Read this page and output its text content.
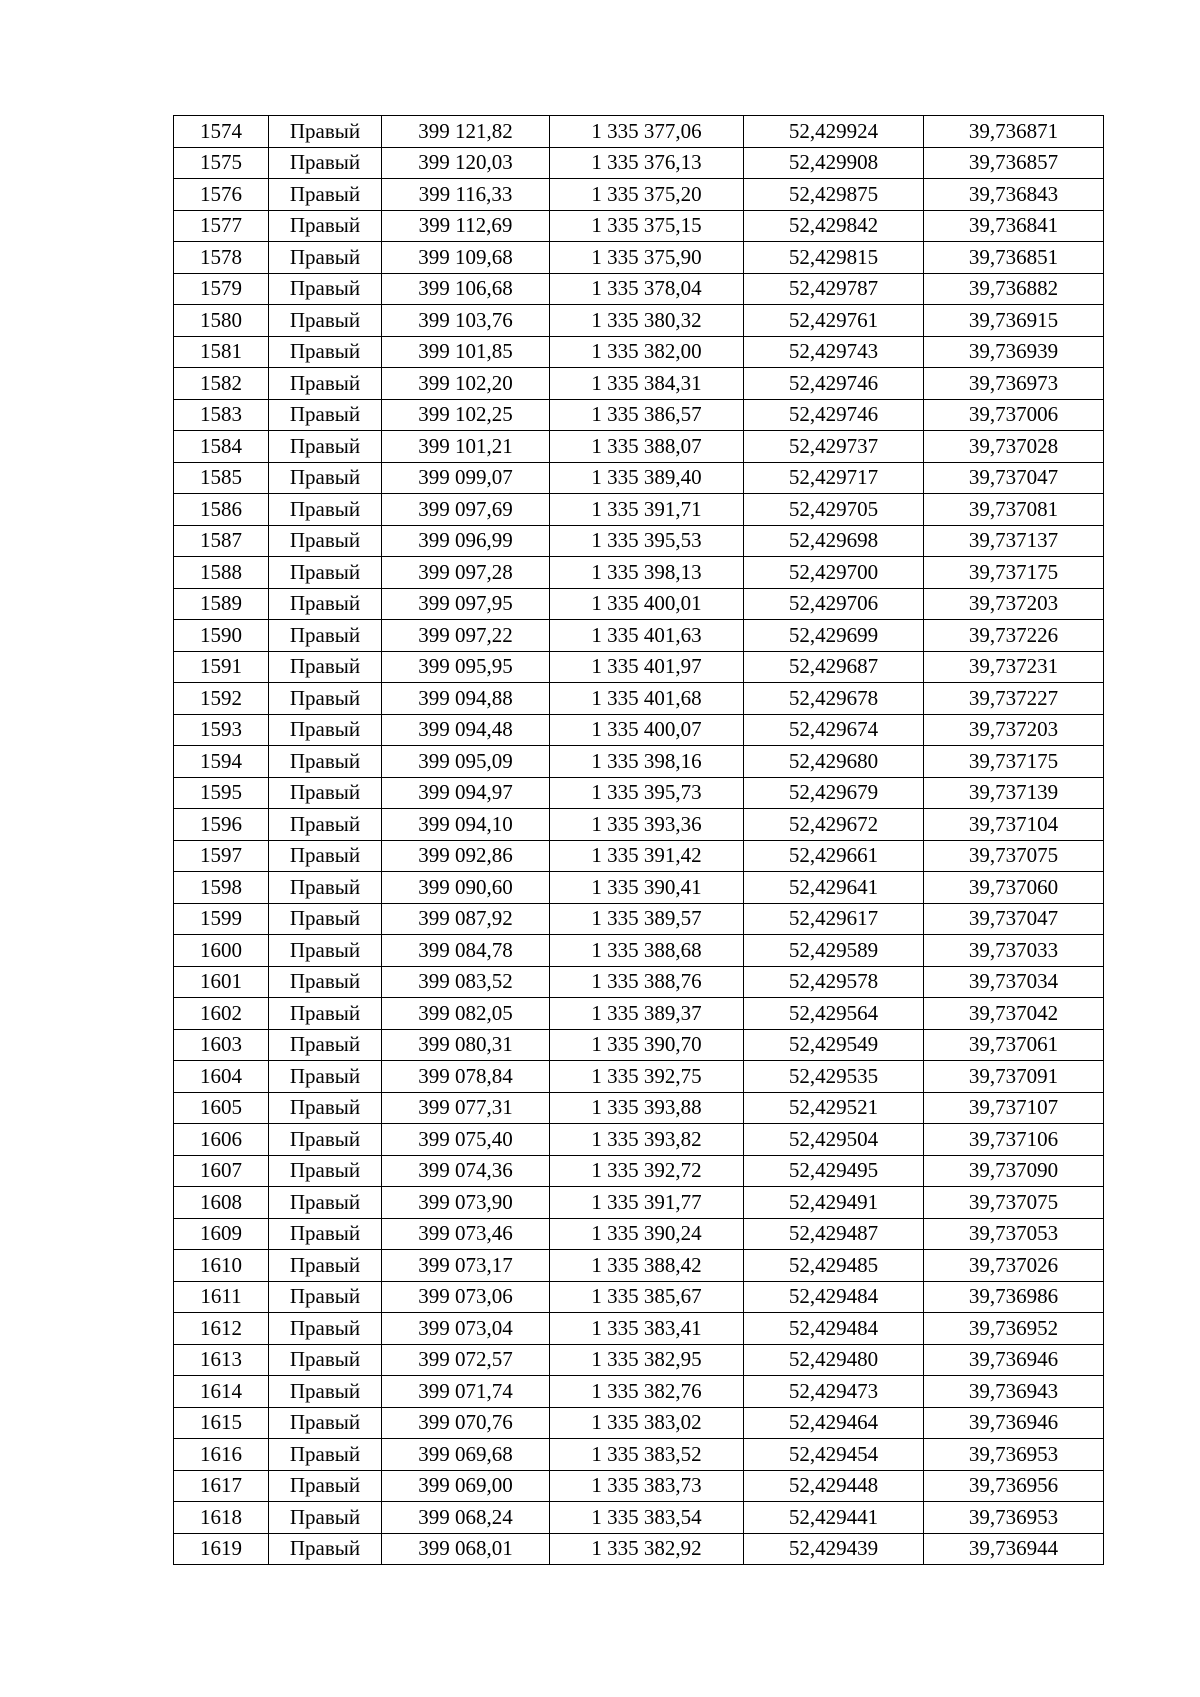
1574	Правый	399 121,82	1 335 377,06	52,429924	39,736871
1575	Правый	399 120,03	1 335 376,13	52,429908	39,736857
1576	Правый	399 116,33	1 335 375,20	52,429875	39,736843
1577	Правый	399 112,69	1 335 375,15	52,429842	39,736841
1578	Правый	399 109,68	1 335 375,90	52,429815	39,736851
1579	Правый	399 106,68	1 335 378,04	52,429787	39,736882
1580	Правый	399 103,76	1 335 380,32	52,429761	39,736915
1581	Правый	399 101,85	1 335 382,00	52,429743	39,736939
1582	Правый	399 102,20	1 335 384,31	52,429746	39,736973
1583	Правый	399 102,25	1 335 386,57	52,429746	39,737006
1584	Правый	399 101,21	1 335 388,07	52,429737	39,737028
1585	Правый	399 099,07	1 335 389,40	52,429717	39,737047
1586	Правый	399 097,69	1 335 391,71	52,429705	39,737081
1587	Правый	399 096,99	1 335 395,53	52,429698	39,737137
1588	Правый	399 097,28	1 335 398,13	52,429700	39,737175
1589	Правый	399 097,95	1 335 400,01	52,429706	39,737203
1590	Правый	399 097,22	1 335 401,63	52,429699	39,737226
1591	Правый	399 095,95	1 335 401,97	52,429687	39,737231
1592	Правый	399 094,88	1 335 401,68	52,429678	39,737227
1593	Правый	399 094,48	1 335 400,07	52,429674	39,737203
1594	Правый	399 095,09	1 335 398,16	52,429680	39,737175
1595	Правый	399 094,97	1 335 395,73	52,429679	39,737139
1596	Правый	399 094,10	1 335 393,36	52,429672	39,737104
1597	Правый	399 092,86	1 335 391,42	52,429661	39,737075
1598	Правый	399 090,60	1 335 390,41	52,429641	39,737060
1599	Правый	399 087,92	1 335 389,57	52,429617	39,737047
1600	Правый	399 084,78	1 335 388,68	52,429589	39,737033
1601	Правый	399 083,52	1 335 388,76	52,429578	39,737034
1602	Правый	399 082,05	1 335 389,37	52,429564	39,737042
1603	Правый	399 080,31	1 335 390,70	52,429549	39,737061
1604	Правый	399 078,84	1 335 392,75	52,429535	39,737091
1605	Правый	399 077,31	1 335 393,88	52,429521	39,737107
1606	Правый	399 075,40	1 335 393,82	52,429504	39,737106
1607	Правый	399 074,36	1 335 392,72	52,429495	39,737090
1608	Правый	399 073,90	1 335 391,77	52,429491	39,737075
1609	Правый	399 073,46	1 335 390,24	52,429487	39,737053
1610	Правый	399 073,17	1 335 388,42	52,429485	39,737026
1611	Правый	399 073,06	1 335 385,67	52,429484	39,736986
1612	Правый	399 073,04	1 335 383,41	52,429484	39,736952
1613	Правый	399 072,57	1 335 382,95	52,429480	39,736946
1614	Правый	399 071,74	1 335 382,76	52,429473	39,736943
1615	Правый	399 070,76	1 335 383,02	52,429464	39,736946
1616	Правый	399 069,68	1 335 383,52	52,429454	39,736953
1617	Правый	399 069,00	1 335 383,73	52,429448	39,736956
1618	Правый	399 068,24	1 335 383,54	52,429441	39,736953
1619	Правый	399 068,01	1 335 382,92	52,429439	39,736944
